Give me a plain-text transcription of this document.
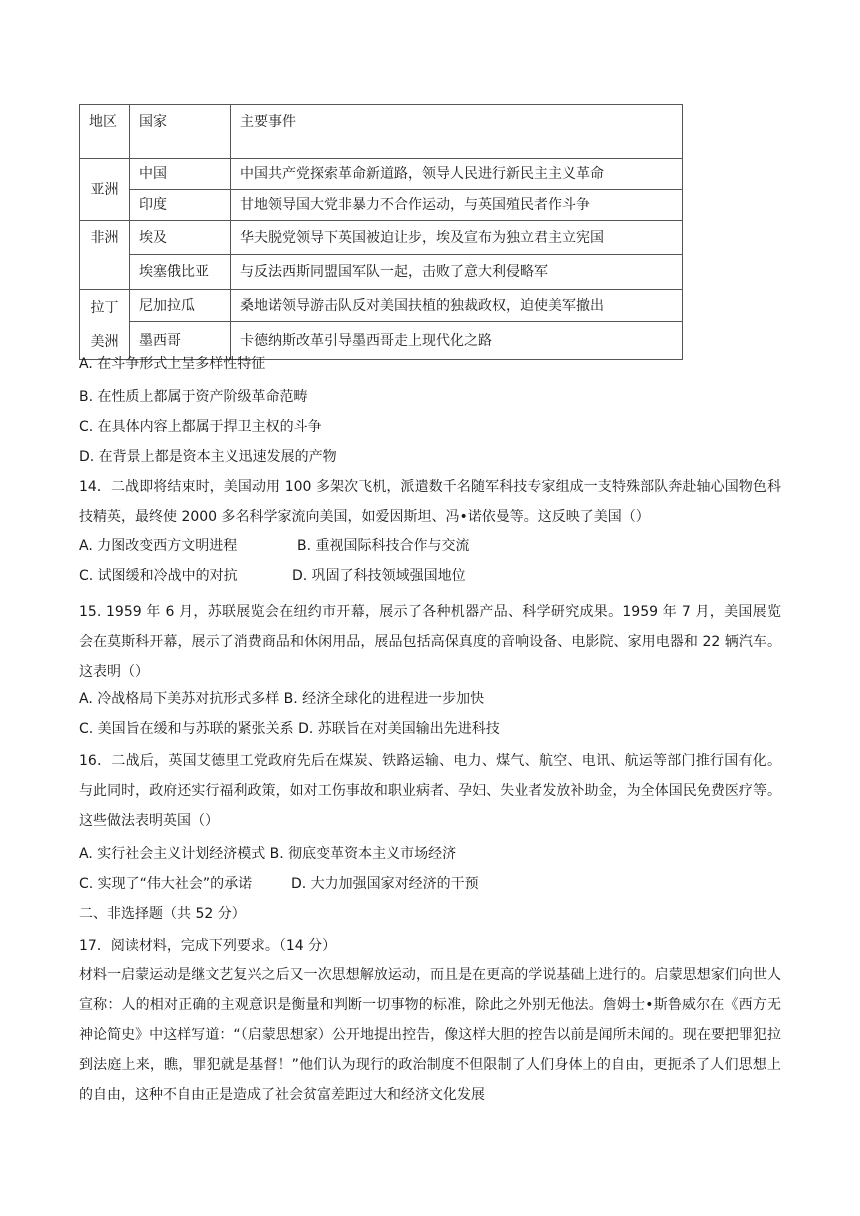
地区	国家	主要事件
亚洲	中国	中国共产党探索革命新道路，领导人民进行新民主主义革命
	印度	甘地领导国大党非暴力不合作运动，与英国殖民者作斗争
非洲	埃及	华夫脱党领导下英国被迫让步，埃及宣布为独立君主立宪国
	埃塞俄比亚	与反法西斯同盟国军队一起，击败了意大利侵略军

拉丁
美洲	尼加拉瓜	桑地诺领导游击队反对美国扶植的独裁政权，迫使美军撤出
	墨西哥	卡德纳斯改革引导墨西哥走上现代化之路
A. 在斗争形式上呈多样性特征
B. 在性质上都属于资产阶级革命范畴
C. 在具体内容上都属于捍卫主权的斗争
D. 在背景上都是资本主义迅速发展的产物
14．二战即将结束时，美国动用 100 多架次飞机，派遣数千名随军科技专家组成一支特殊部队奔赴轴心国物色科技精英，最终使 2000 多名科学家流向美国，如爱因斯坦、冯•诺依曼等。这反映了美国（）
A. 力图改变西方文明进程	B. 重视国际科技合作与交流
C. 试图缓和冷战中的对抗	D. 巩固了科技领域强国地位
15. 1959 年 6 月，苏联展览会在纽约市开幕，展示了各种机器产品、科学研究成果。1959 年 7 月，美国展览会在莫斯科开幕，展示了消费商品和休闲用品，展品包括高保真度的音响设备、电影院、家用电器和 22 辆汽车。这表明（）
A. 冷战格局下美苏对抗形式多样 B. 经济全球化的进程进一步加快
C. 美国旨在缓和与苏联的紧张关系 D. 苏联旨在对美国输出先进科技
16．二战后，英国艾德里工党政府先后在煤炭、铁路运输、电力、煤气、航空、电讯、航运等部门推行国有化。与此同时，政府还实行福利政策，如对工伤事故和职业病者、孕妇、失业者发放补助金，为全体国民免费医疗等。这些做法表明英国（）
A. 实行社会主义计划经济模式 B. 彻底变革资本主义市场经济
C. 实现了“伟大社会”的承诺	D. 大力加强国家对经济的干预
二、非选择题（共 52 分）
17．阅读材料，完成下列要求。（14 分）
材料一启蒙运动是继文艺复兴之后又一次思想解放运动，而且是在更高的学说基础上进行的。启蒙思想家们向世人宣称：人的相对正确的主观意识是衡量和判断一切事物的标准，除此之外别无他法。詹姆士•斯鲁威尔在《西方无神论简史》中这样写道：“（启蒙思想家）公开地提出控告，像这样大胆的控告以前是闻所未闻的。现在要把罪犯拉到法庭上来，瞧，罪犯就是基督！”他们认为现行的政治制度不但限制了人们身体上的自由，更扼杀了人们思想上的自由，这种不自由正是造成了社会贫富差距过大和经济文化发展
